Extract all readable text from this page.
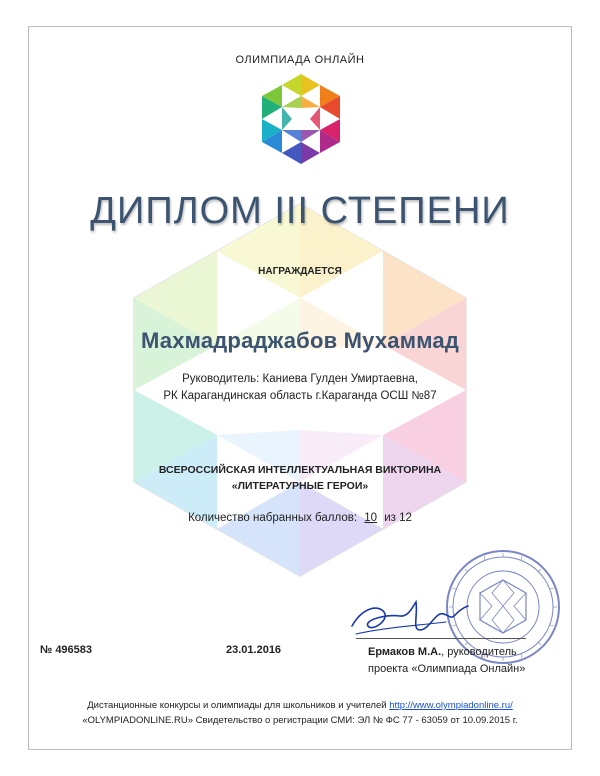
ОЛИМПИАДА ОНЛАЙН
ДИПЛОМ III СТЕПЕНИ
НАГРАЖДАЕТСЯ
Махмадраджабов Мухаммад
Руководитель: Каниева Гулден Умиртаевна,
РК Карагандинская область г.Караганда ОСШ №87
ВСЕРОССИЙСКАЯ ИНТЕЛЛЕКТУАЛЬНАЯ ВИКТОРИНА
«ЛИТЕРАТУРНЫЕ ГЕРОИ»
Количество набранных баллов: 10 из 12
№ 496583	23.01.2016	Ермаков М.А., руководитель
проекта «Олимпиада Онлайн»
Дистанционные конкурсы и олимпиады для школьников и учителей http://www.olympiadonline.ru/
«OLYMPIADONLINE.RU» Свидетельство о регистрации СМИ: ЭЛ № ФС 77 - 63059 от 10.09.2015 г.
